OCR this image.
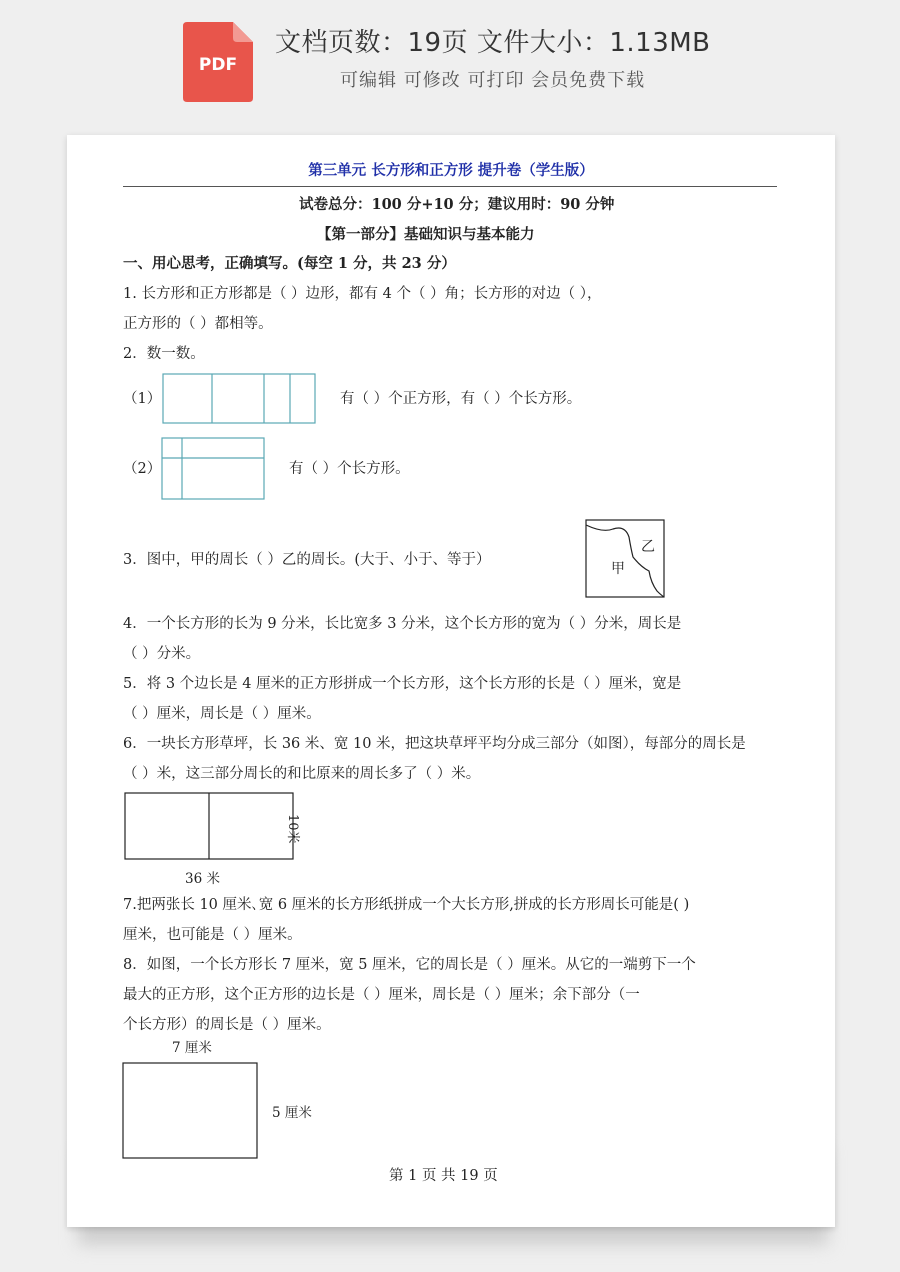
PDF
文档页数：19页 文件大小：1.13MB
可编辑 可修改 可打印 会员免费下载
第三单元 长方形和正方形 提升卷（学生版）
试卷总分：100 分+10 分；建议用时：90 分钟
【第一部分】基础知识与基本能力
一、用心思考，正确填写。(每空 1 分，共 23 分）
1. 长方形和正方形都是（ ）边形，都有 4 个（ ）角；长方形的对边（ ），
正方形的（ ）都相等。
2．数一数。
（1）	有（ ）个正方形，有（ ）个长方形。
（2）	有（ ）个长方形。
3．图中，甲的周长（ ）乙的周长。(大于、小于、等于）
甲
乙
4．一个长方形的长为 9 分米，长比宽多 3 分米，这个长方形的宽为（ ）分米，周长是
（ ）分米。
5．将 3 个边长是 4 厘米的正方形拼成一个长方形，这个长方形的长是（ ）厘米，宽是
（ ）厘米，周长是（ ）厘米。
6．一块长方形草坪，长 36 米、宽 10 米，把这块草坪平均分成三部分（如图），每部分的周长是
（ ）米，这三部分周长的和比原来的周长多了（ ）米。
10米
36 米
7.把两张长 10 厘米､宽 6 厘米的长方形纸拼成一个大长方形,拼成的长方形周长可能是( )
厘米，也可能是（ ）厘米。
8．如图，一个长方形长 7 厘米，宽 5 厘米，它的周长是（ ）厘米。从它的一端剪下一个
最大的正方形，这个正方形的边长是（ ）厘米，周长是（ ）厘米；余下部分（一
个长方形）的周长是（ ）厘米。
7 厘米
5 厘米
第 1 页 共 19 页
